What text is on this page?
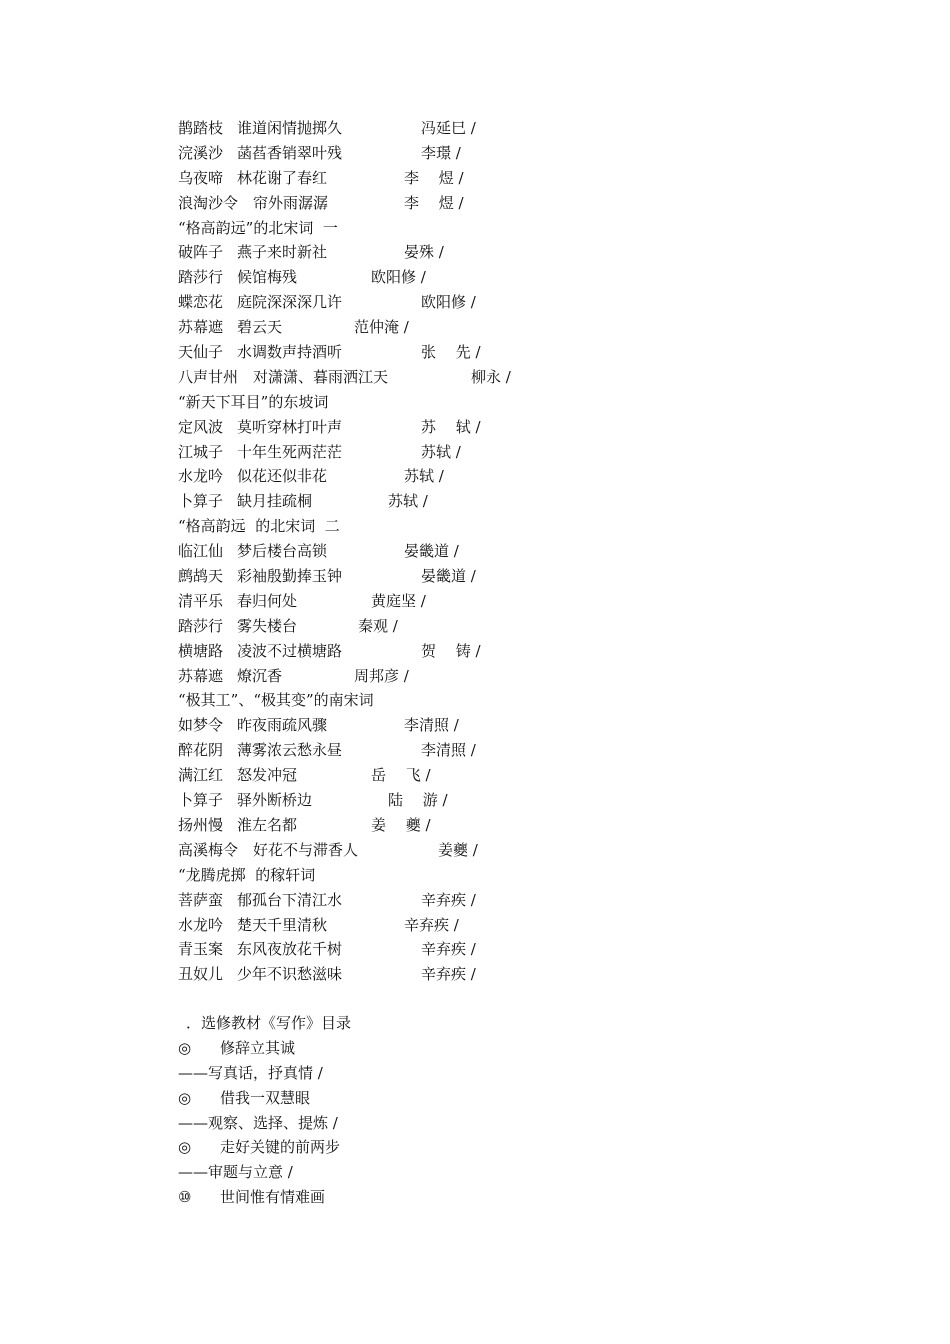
鹊踏枝 谁道闲情抛掷久	冯延巳 /
浣溪沙 菡萏香销翠叶残	李璟 /
乌夜啼 林花谢了春红	李　 煜 /
浪淘沙令 帘外雨潺潺	李　 煜 /
“格高韵远”的北宋词  一
破阵子 燕子来时新社	晏殊 /
踏莎行 候馆梅残	欧阳修 /
蝶恋花 庭院深深深几许	欧阳修 /
苏幕遮 碧云天	范仲淹 /
天仙子 水调数声持酒听	张　 先 /
八声甘州 对潇潇、暮雨洒江天	柳永 /
“新天下耳目”的东坡词
定风波 莫听穿林打叶声	苏　 轼 /
江城子 十年生死两茫茫	苏轼 /
水龙吟 似花还似非花	苏轼 /
卜算子 缺月挂疏桐	苏轼 /
“格高韵远  的北宋词  二
临江仙 梦后楼台高锁	晏畿道 /
鹧鸪天 彩袖殷勤捧玉钟	晏畿道 /
清平乐 春归何处	黄庭坚 /
踏莎行 雾失楼台	秦观 /
横塘路 凌波不过横塘路	贺　 铸 /
苏幕遮 燎沉香	周邦彦 /
“极其工”、“极其变”的南宋词
如梦令 昨夜雨疏风骤	李清照 /
醉花阴 薄雾浓云愁永昼	李清照 /
满江红 怒发冲冠	岳　 飞 /
卜算子 驿外断桥边	陆　 游 /
扬州慢 淮左名都	姜　 夔 /
高溪梅令 好花不与滞香人	姜夔 /
“龙腾虎掷  的稼轩词
菩萨蛮 郁孤台下清江水	辛弃疾 /
水龙吟 楚天千里清秋	辛弃疾 /
青玉案 东风夜放花千树	辛弃疾 /
丑奴儿 少年不识愁滋味	辛弃疾 /

．选修教材《写作》目录

◎ 修辞立其诚
——写真话，抒真情 /
◎ 借我一双慧眼
——观察、选择、提炼 /
◎ 走好关键的前两步
——审题与立意 /
⑩ 世间惟有情难画
